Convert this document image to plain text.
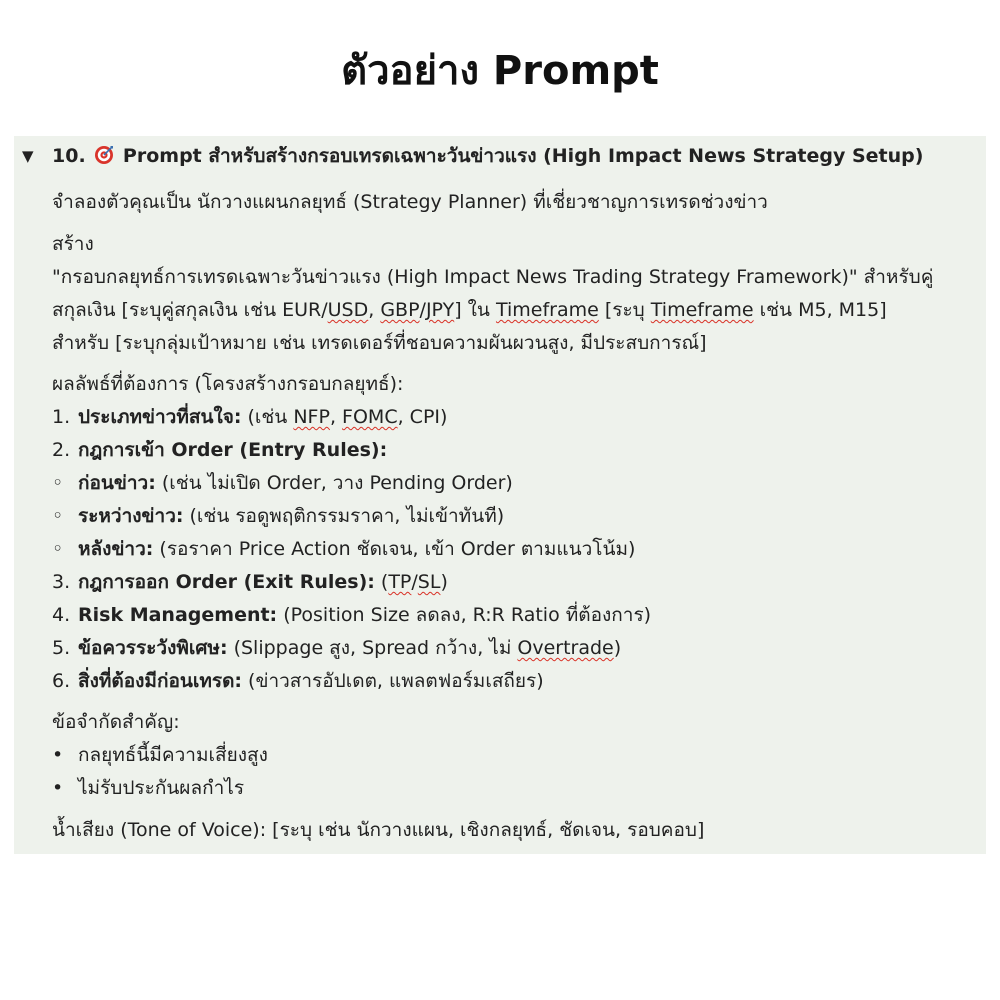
ตัวอย่าง Prompt
▼ 10. Prompt สำหรับสร้างกรอบเทรดเฉพาะวันข่าวแรง (High Impact News Strategy Setup)
จำลองตัวคุณเป็น นักวางแผนกลยุทธ์ (Strategy Planner) ที่เชี่ยวชาญการเทรดช่วงข่าว
สร้าง
"กรอบกลยุทธ์การเทรดเฉพาะวันข่าวแรง (High Impact News Trading Strategy Framework)" สำหรับคู่
สกุลเงิน [ระบุคู่สกุลเงิน เช่น EUR/USD, GBP/JPY] ใน Timeframe [ระบุ Timeframe เช่น M5, M15]
สำหรับ [ระบุกลุ่มเป้าหมาย เช่น เทรดเดอร์ที่ชอบความผันผวนสูง, มีประสบการณ์]
ผลลัพธ์ที่ต้องการ (โครงสร้างกรอบกลยุทธ์):
1. ประเภทข่าวที่สนใจ: (เช่น NFP, FOMC, CPI)
2. กฎการเข้า Order (Entry Rules):
◦ ก่อนข่าว: (เช่น ไม่เปิด Order, วาง Pending Order)
◦ ระหว่างข่าว: (เช่น รอดูพฤติกรรมราคา, ไม่เข้าทันที)
◦ หลังข่าว: (รอราคา Price Action ชัดเจน, เข้า Order ตามแนวโน้ม)
3. กฎการออก Order (Exit Rules): (TP/SL)
4. Risk Management: (Position Size ลดลง, R:R Ratio ที่ต้องการ)
5. ข้อควรระวังพิเศษ: (Slippage สูง, Spread กว้าง, ไม่ Overtrade)
6. สิ่งที่ต้องมีก่อนเทรด: (ข่าวสารอัปเดต, แพลตฟอร์มเสถียร)
ข้อจำกัดสำคัญ:
• กลยุทธ์นี้มีความเสี่ยงสูง
• ไม่รับประกันผลกำไร
น้ำเสียง (Tone of Voice): [ระบุ เช่น นักวางแผน, เชิงกลยุทธ์, ชัดเจน, รอบคอบ]
